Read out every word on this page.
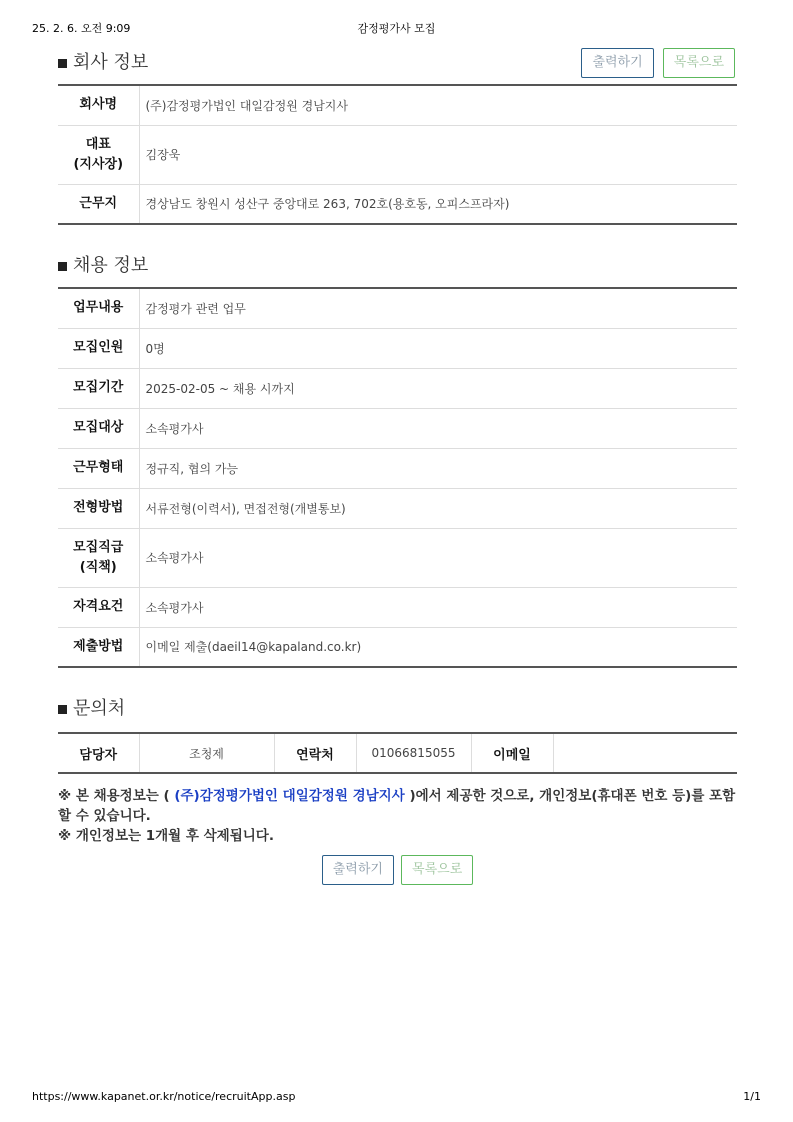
25. 2. 6. 오전 9:09	감정평가사 모집
회사 정보	출력하기 목록으로
회사명	(주)감정평가법인 대일감정원 경남지사

대표
(지사장)	김장욱
근무지	경상남도 창원시 성산구 중앙대로 263, 702호(용호동, 오피스프라자)
채용 정보
업무내용	감정평가 관련 업무
모집인원	0명
모집기간	2025-02-05 ~ 채용 시까지
모집대상	소속평가사
근무형태	정규직, 협의 가능
전형방법	서류전형(이력서), 면접전형(개별통보)

모집직급
(직책)	소속평가사
자격요건	소속평가사
제출방법	이메일 제출(daeil14@kapaland.co.kr)
문의처
담당자	조청제	연락처	01066815055	이메일	
※ 본 채용정보는 ( (주)감정평가법인 대일감정원 경남지사 )에서 제공한 것으로, 개인정보(휴대폰 번호 등)를 포함할 수 있습니다.
※ 개인정보는 1개월 후 삭제됩니다.
출력하기 목록으로
https://www.kapanet.or.kr/notice/recruitApp.asp	1/1
